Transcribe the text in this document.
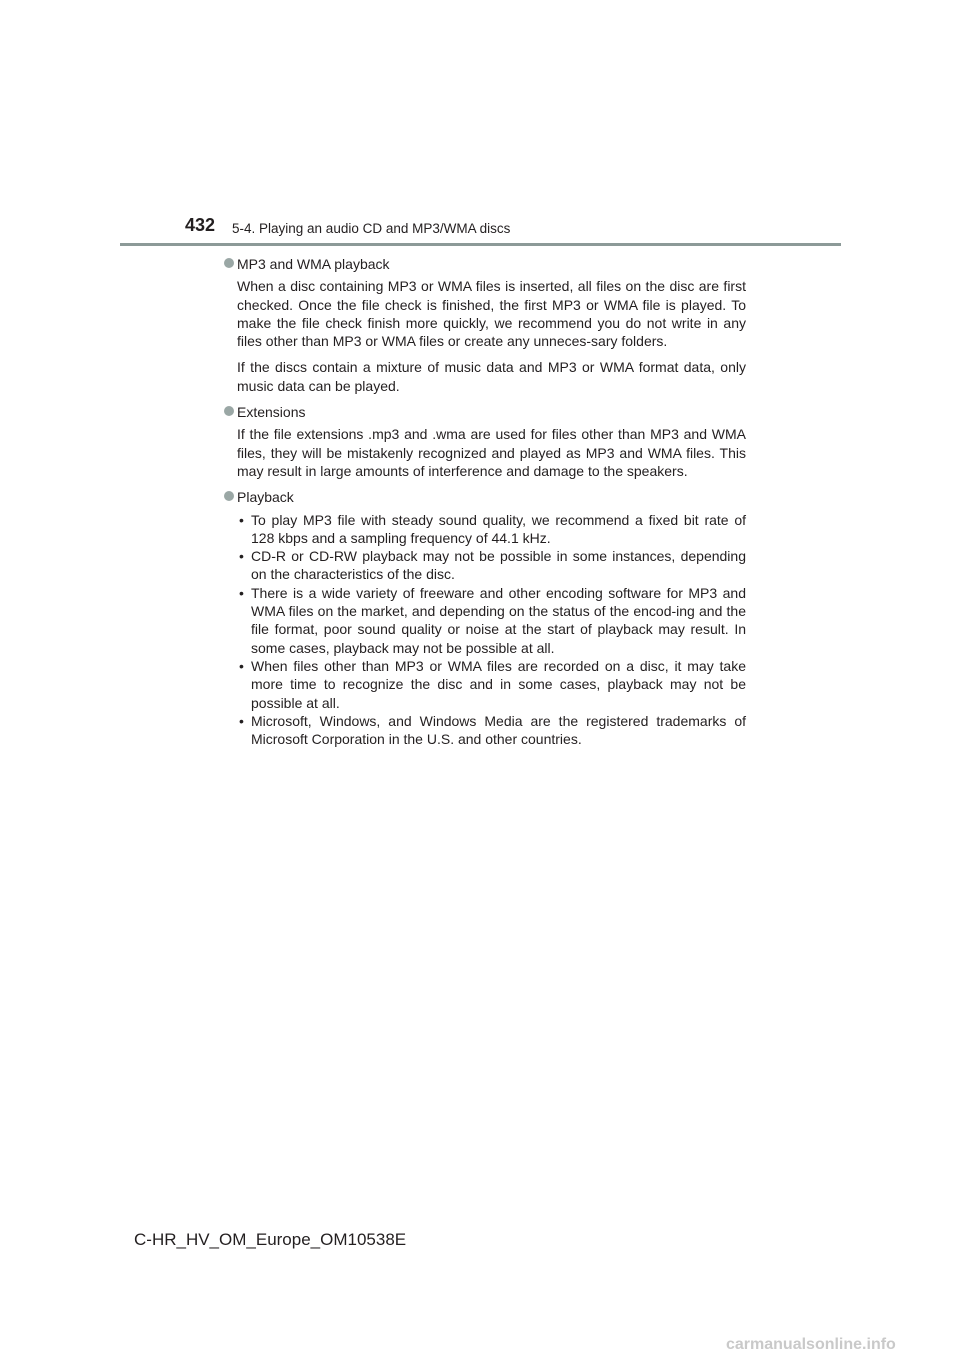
432 5-4. Playing an audio CD and MP3/WMA discs

MP3 and WMA playback

When a disc containing MP3 or WMA files is inserted, all files on the disc are first checked. Once the file check is finished, the first MP3 or WMA file is played. To make the file check finish more quickly, we recommend you do not write in any files other than MP3 or WMA files or create any unneces-sary folders.

If the discs contain a mixture of music data and MP3 or WMA format data, only music data can be played.

Extensions

If the file extensions .mp3 and .wma are used for files other than MP3 and WMA files, they will be mistakenly recognized and played as MP3 and WMA files. This may result in large amounts of interference and damage to the speakers.

Playback

• To play MP3 file with steady sound quality, we recommend a fixed bit rate of 128 kbps and a sampling frequency of 44.1 kHz.
• CD-R or CD-RW playback may not be possible in some instances, depending on the characteristics of the disc.
• There is a wide variety of freeware and other encoding software for MP3 and WMA files on the market, and depending on the status of the encod-ing and the file format, poor sound quality or noise at the start of playback may result. In some cases, playback may not be possible at all.
• When files other than MP3 or WMA files are recorded on a disc, it may take more time to recognize the disc and in some cases, playback may not be possible at all.
• Microsoft, Windows, and Windows Media are the registered trademarks of Microsoft Corporation in the U.S. and other countries.
C-HR_HV_OM_Europe_OM10538E
carmanualsonline.info
